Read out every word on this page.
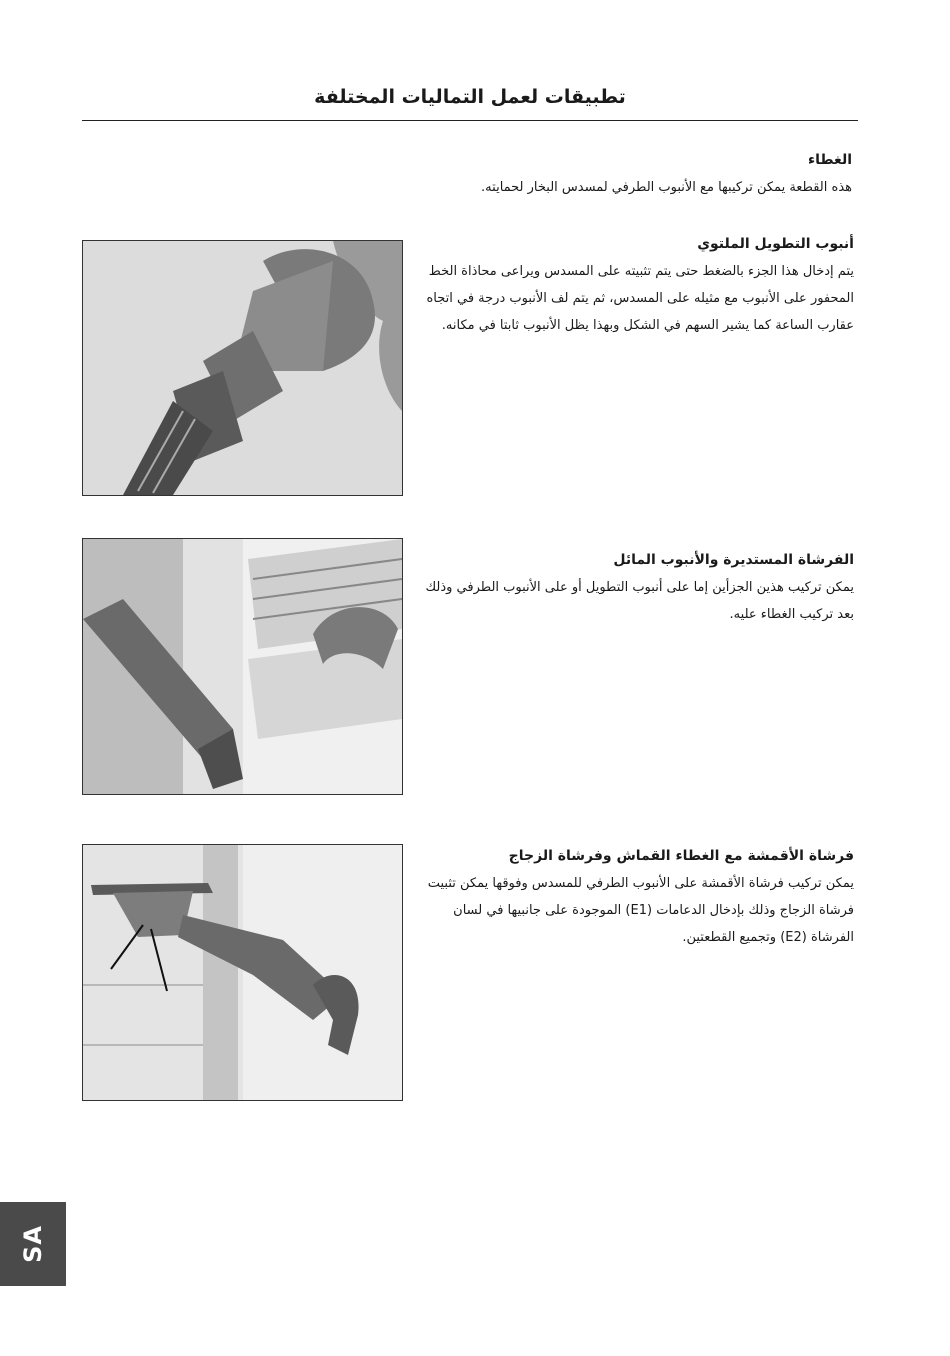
تطبيقات لعمل التماليات المختلفة

الغطاء

هذه القطعة يمكن تركيبها مع الأنبوب الطرفي لمسدس البخار لحمايته.

أنبوب التطويل الملتوي

يتم إدخال هذا الجزء بالضغط حتى يتم تثبيته على المسدس ويراعى محاذاة الخط المحفور على الأنبوب مع مثيله على المسدس، ثم يتم لف الأنبوب درجة في اتجاه عقارب الساعة كما يشير السهم في الشكل وبهذا يظل الأنبوب ثابتا في مكانه.

الفرشاة المستديرة والأنبوب المائل

يمكن تركيب هذين الجزأين إما على أنبوب التطويل أو على الأنبوب الطرفي وذلك بعد تركيب الغطاء عليه.

فرشاة الأقمشة مع الغطاء القماش وفرشاة الزجاج

يمكن تركيب فرشاة الأقمشة على الأنبوب الطرفي للمسدس وفوقها يمكن تثبيت فرشاة الزجاج وذلك بإدخال الدعامات (E1) الموجودة على جانبيها في لسان الفرشاة (E2) وتجميع القطعتين.

SA
